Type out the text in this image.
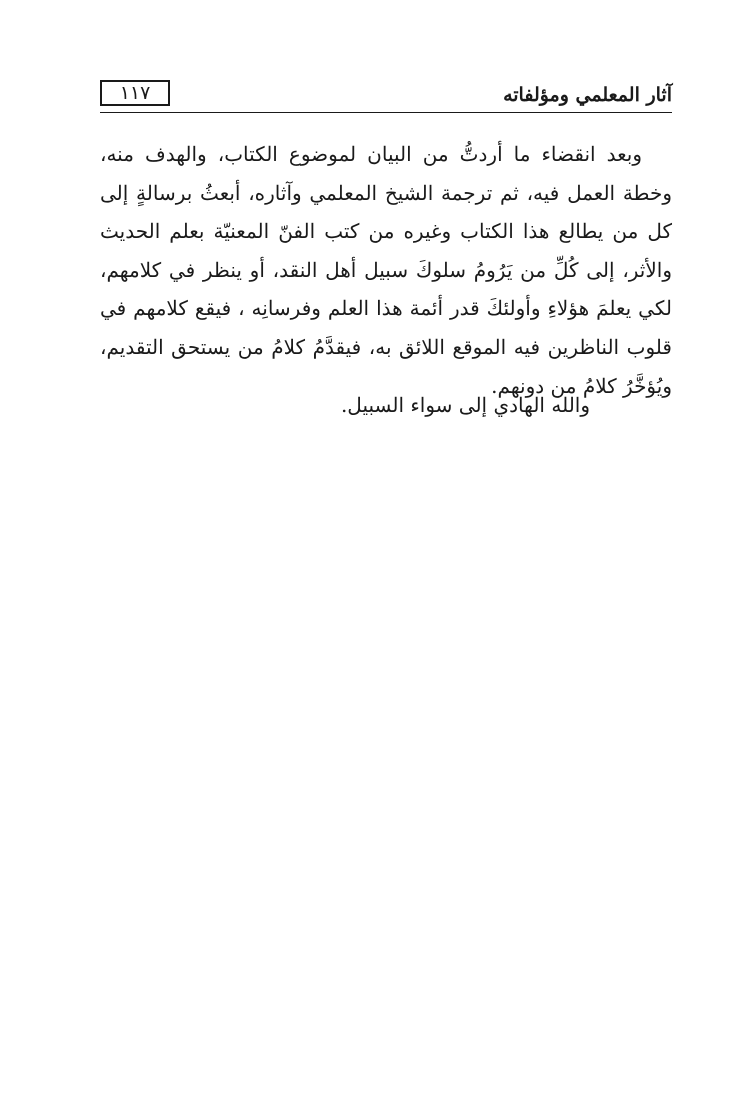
آثار المعلمي ومؤلفاته
١١٧

وبعد انقضاء ما أردتُّ من البيان لموضوع الكتاب، والهدف منه، وخطة العمل فيه، ثم ترجمة الشيخ المعلمي وآثاره، أبعثُ برسالةٍ إلى كل من يطالع هذا الكتاب وغيره من كتب الفنّ المعنيّة بعلم الحديث والأثر، إلى كُلِّ من يَرُومُ سلوكَ سبيل أهل النقد، أو ينظر في كلامهم، لكي يعلمَ هؤلاءِ وأولئكَ قدر أئمة هذا العلم وفرسانِه ، فيقع كلامهم في قلوب الناظرين فيه الموقع اللائق به، فيقدَّمُ كلامُ من يستحق التقديم، ويُؤخَّرُ كلامُ من دونهم.

والله الهادي إلى سواء السبيل.
